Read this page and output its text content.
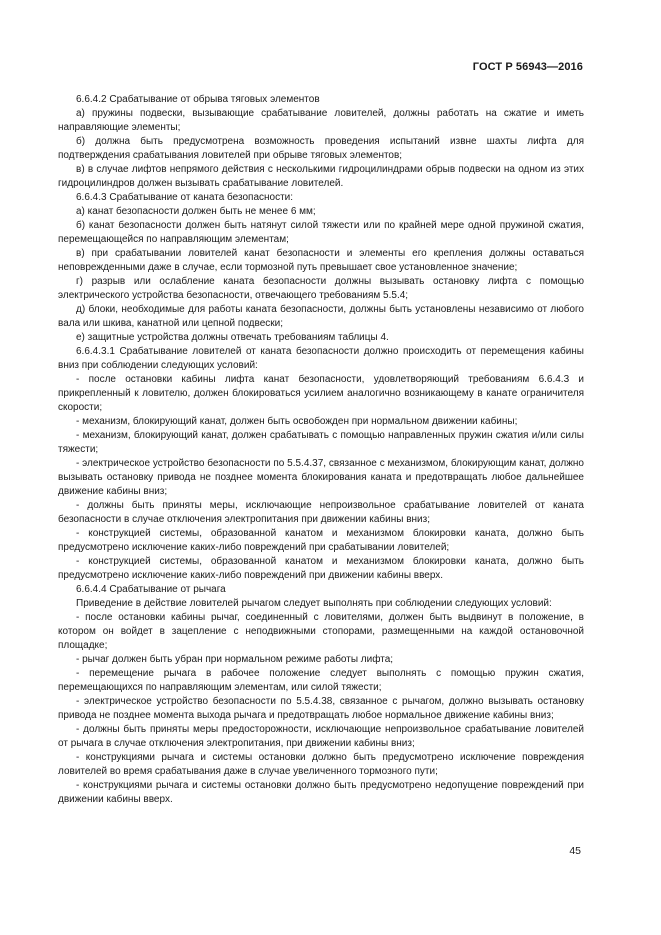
ГОСТ Р 56943—2016

6.6.4.2 Срабатывание от обрыва тяговых элементов

а) пружины подвески, вызывающие срабатывание ловителей, должны работать на сжатие и иметь направляющие элементы;

б) должна быть предусмотрена возможность проведения испытаний извне шахты лифта для подтверждения срабатывания ловителей при обрыве тяговых элементов;

в) в случае лифтов непрямого действия с несколькими гидроцилиндрами обрыв подвески на одном из этих гидроцилиндров должен вызывать срабатывание ловителей.

6.6.4.3 Срабатывание от каната безопасности:

а) канат безопасности должен быть не менее 6 мм;

б) канат безопасности должен быть натянут силой тяжести или по крайней мере одной пружиной сжатия, перемещающейся по направляющим элементам;

в) при срабатывании ловителей канат безопасности и элементы его крепления должны оставаться неповрежденными даже в случае, если тормозной путь превышает свое установленное значение;

г) разрыв или ослабление каната безопасности должны вызывать остановку лифта с помощью электрического устройства безопасности, отвечающего требованиям 5.5.4;

д) блоки, необходимые для работы каната безопасности, должны быть установлены независимо от любого вала или шкива, канатной или цепной подвески;

е) защитные устройства должны отвечать требованиям таблицы 4.

6.6.4.3.1 Срабатывание ловителей от каната безопасности должно происходить от перемещения кабины вниз при соблюдении следующих условий:

- после остановки кабины лифта канат безопасности, удовлетворяющий требованиям 6.6.4.3 и прикрепленный к ловителю, должен блокироваться усилием аналогично возникающему в канате ограничителя скорости;

- механизм, блокирующий канат, должен быть освобожден при нормальном движении кабины;

- механизм, блокирующий канат, должен срабатывать с помощью направленных пружин сжатия и/или силы тяжести;

- электрическое устройство безопасности по 5.5.4.37, связанное с механизмом, блокирующим канат, должно вызывать остановку привода не позднее момента блокирования каната и предотвращать любое дальнейшее движение кабины вниз;

- должны быть приняты меры, исключающие непроизвольное срабатывание ловителей от каната безопасности в случае отключения электропитания при движении кабины вниз;

- конструкцией системы, образованной канатом и механизмом блокировки каната, должно быть предусмотрено исключение каких-либо повреждений при срабатывании ловителей;

- конструкцией системы, образованной канатом и механизмом блокировки каната, должно быть предусмотрено исключение каких-либо повреждений при движении кабины вверх.

6.6.4.4 Срабатывание от рычага

Приведение в действие ловителей рычагом следует выполнять при соблюдении следующих условий:

- после остановки кабины рычаг, соединенный с ловителями, должен быть выдвинут в положение, в котором он войдет в зацепление с неподвижными стопорами, размещенными на каждой остановочной площадке;

- рычаг должен быть убран при нормальном режиме работы лифта;

- перемещение рычага в рабочее положение следует выполнять с помощью пружин сжатия, перемещающихся по направляющим элементам, или силой тяжести;

- электрическое устройство безопасности по 5.5.4.38, связанное с рычагом, должно вызывать остановку привода не позднее момента выхода рычага и предотвращать любое нормальное движение кабины вниз;

- должны быть приняты меры предосторожности, исключающие непроизвольное срабатывание ловителей от рычага в случае отключения электропитания, при движении кабины вниз;

- конструкциями рычага и системы остановки должно быть предусмотрено исключение повреждения ловителей во время срабатывания даже в случае увеличенного тормозного пути;

- конструкциями рычага и системы остановки должно быть предусмотрено недопущение повреждений при движении кабины вверх.

45
